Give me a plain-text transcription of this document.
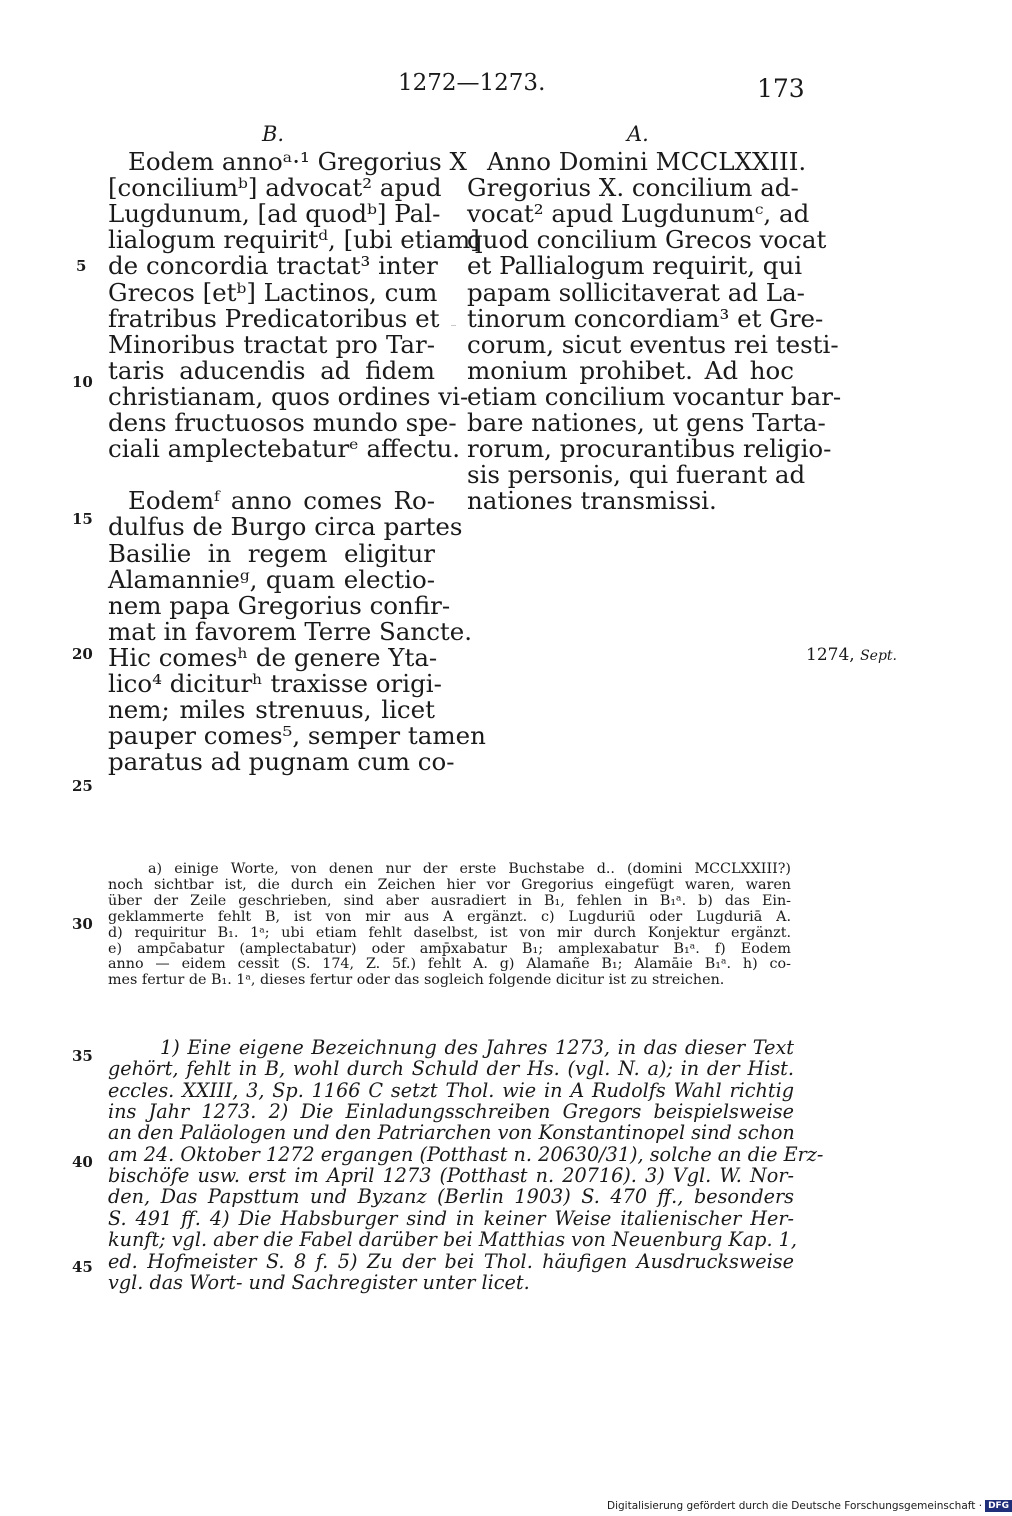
1272—1273.	173
B.	A.
Eodem annoᵃ·¹ Gregorius X
[conciliumᵇ] advocat² apud
Lugdunum, [ad quodᵇ] Pal-
lialogum requiritᵈ, [ubi etiam]
de concordia tractat³ inter
Grecos [etᵇ] Lactinos, cum
fratribus Predicatoribus et
Minoribus tractat pro Tar-
taris aducendis ad fidem
christianam, quos ordines vi-
dens fructuosos mundo spe-
ciali amplectebaturᵉ affectu.
Eodemᶠ anno comes Ro-
dulfus de Burgo circa partes
Basilie in regem eligitur
Alamannieᵍ, quam electio-
nem papa Gregorius confir-
mat in favorem Terre Sancte.
Hic comesʰ de genere Yta-
lico⁴ diciturʰ traxisse origi-
nem; miles strenuus, licet
pauper comes⁵, semper tamen
paratus ad pugnam cum co-
Anno Domini MCCLXXIII.
Gregorius X. concilium ad-
vocat² apud Lugdunumᶜ, ad
quod concilium Grecos vocat
et Pallialogum requirit, qui
papam sollicitaverat ad La-
tinorum concordiam³ et Gre-
corum, sicut eventus rei testi-
monium prohibet. Ad hoc
etiam concilium vocantur bar-
bare nationes, ut gens Tarta-
rorum, procurantibus religio-
sis personis, qui fuerant ad
nationes transmissi.
5
10
15
20
25
30
35
40
45
1274, Sept.
a) einige Worte, von denen nur der erste Buchstabe d.. (domini MCCLXXIII?)
noch sichtbar ist, die durch ein Zeichen hier vor Gregorius eingefügt waren, waren
über der Zeile geschrieben, sind aber ausradiert in B₁, fehlen in B₁ᵃ. b) das Ein-
geklammerte fehlt B, ist von mir aus A ergänzt. c) Lugduriū oder Lugduriā A.
d) requiritur B₁. 1ᵃ; ubi etiam fehlt daselbst, ist von mir durch Konjektur ergänzt.
e) ampc̄abatur (amplectabatur) oder amp̄xabatur B₁; amplexabatur B₁ᵃ. f) Eodem
anno — eidem cessit (S. 174, Z. 5f.) fehlt A. g) Alamañe B₁; Alamāie B₁ᵃ. h) co-
mes fertur de B₁. 1ᵃ, dieses fertur oder das sogleich folgende dicitur ist zu streichen.
1) Eine eigene Bezeichnung des Jahres 1273, in das dieser Text
gehört, fehlt in B, wohl durch Schuld der Hs. (vgl. N. a); in der Hist.
eccles. XXIII, 3, Sp. 1166 C setzt Thol. wie in A Rudolfs Wahl richtig
ins Jahr 1273. 2) Die Einladungsschreiben Gregors beispielsweise
an den Paläologen und den Patriarchen von Konstantinopel sind schon
am 24. Oktober 1272 ergangen (Potthast n. 20630/31), solche an die Erz-
bischöfe usw. erst im April 1273 (Potthast n. 20716). 3) Vgl. W. Nor-
den, Das Papsttum und Byzanz (Berlin 1903) S. 470 ff., besonders
S. 491 ff. 4) Die Habsburger sind in keiner Weise italienischer Her-
kunft; vgl. aber die Fabel darüber bei Matthias von Neuenburg Kap. 1,
ed. Hofmeister S. 8 f. 5) Zu der bei Thol. häufigen Ausdrucksweise
vgl. das Wort- und Sachregister unter licet.
Digitalisierung gefördert durch die Deutsche Forschungsgemeinschaft · DFG
